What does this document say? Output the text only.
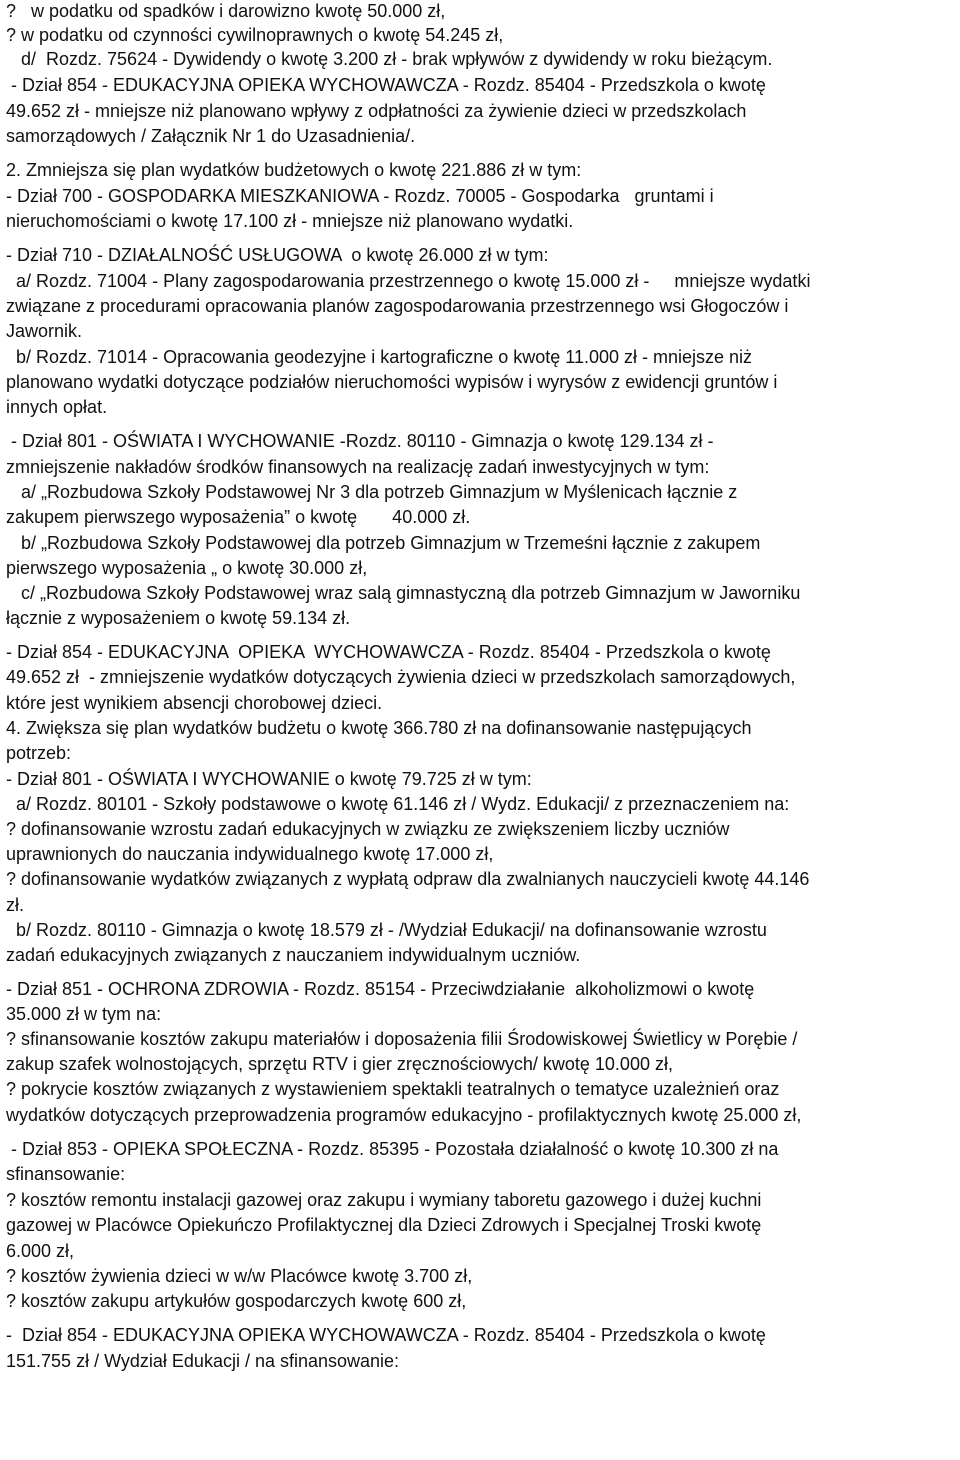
?   w podatku od spadków i darowizno kwotę 50.000 zł,
? w podatku od czynności cywilnoprawnych o kwotę 54.245 zł,
d/  Rozdz. 75624 - Dywidendy o kwotę 3.200 zł - brak wpływów z dywidendy w roku bieżącym.
- Dział 854 - EDUKACYJNA OPIEKA WYCHOWAWCZA - Rozdz. 85404 - Przedszkola o kwotę
49.652 zł - mniejsze niż planowano wpływy z odpłatności za żywienie dzieci w przedszkolach
samorządowych / Załącznik Nr 1 do Uzasadnienia/.
2. Zmniejsza się plan wydatków budżetowych o kwotę 221.886 zł w tym:
- Dział 700 - GOSPODARKA MIESZKANIOWA - Rozdz. 70005 - Gospodarka   gruntami i
nieruchomościami o kwotę 17.100 zł - mniejsze niż planowano wydatki.
- Dział 710 - DZIAŁALNOŚĆ USŁUGOWA  o kwotę 26.000 zł w tym:
a/ Rozdz. 71004 - Plany zagospodarowania przestrzennego o kwotę 15.000 zł -     mniejsze wydatki
związane z procedurami opracowania planów zagospodarowania przestrzennego wsi Głogoczów i
Jawornik.
b/ Rozdz. 71014 - Opracowania geodezyjne i kartograficzne o kwotę 11.000 zł - mniejsze niż
planowano wydatki dotyczące podziałów nieruchomości wypisów i wyrysów z ewidencji gruntów i
innych opłat.
- Dział 801 - OŚWIATA I WYCHOWANIE -Rozdz. 80110 - Gimnazja o kwotę 129.134 zł -
zmniejszenie nakładów środków finansowych na realizację zadań inwestycyjnych w tym:
a/ „Rozbudowa Szkoły Podstawowej Nr 3 dla potrzeb Gimnazjum w Myślenicach łącznie z
zakupem pierwszego wyposażenia” o kwotę       40.000 zł.
b/ „Rozbudowa Szkoły Podstawowej dla potrzeb Gimnazjum w Trzemeśni łącznie z zakupem
pierwszego wyposażenia „ o kwotę 30.000 zł,
c/ „Rozbudowa Szkoły Podstawowej wraz salą gimnastyczną dla potrzeb Gimnazjum w Jaworniku
łącznie z wyposażeniem o kwotę 59.134 zł.
- Dział 854 - EDUKACYJNA  OPIEKA  WYCHOWAWCZA - Rozdz. 85404 - Przedszkola o kwotę
49.652 zł  - zmniejszenie wydatków dotyczących żywienia dzieci w przedszkolach samorządowych,
które jest wynikiem absencji chorobowej dzieci.
4. Zwiększa się plan wydatków budżetu o kwotę 366.780 zł na dofinansowanie następujących
potrzeb:
- Dział 801 - OŚWIATA I WYCHOWANIE o kwotę 79.725 zł w tym:
a/ Rozdz. 80101 - Szkoły podstawowe o kwotę 61.146 zł / Wydz. Edukacji/ z przeznaczeniem na:
? dofinansowanie wzrostu zadań edukacyjnych w związku ze zwiększeniem liczby uczniów
uprawnionych do nauczania indywidualnego kwotę 17.000 zł,
? dofinansowanie wydatków związanych z wypłatą odpraw dla zwalnianych nauczycieli kwotę 44.146
zł.
b/ Rozdz. 80110 - Gimnazja o kwotę 18.579 zł - /Wydział Edukacji/ na dofinansowanie wzrostu
zadań edukacyjnych związanych z nauczaniem indywidualnym uczniów.
- Dział 851 - OCHRONA ZDROWIA - Rozdz. 85154 - Przeciwdziałanie  alkoholizmowi o kwotę
35.000 zł w tym na:
? sfinansowanie kosztów zakupu materiałów i doposażenia filii Środowiskowej Świetlicy w Porębie /
zakup szafek wolnostojących, sprzętu RTV i gier zręcznościowych/ kwotę 10.000 zł,
? pokrycie kosztów związanych z wystawieniem spektakli teatralnych o tematyce uzależnień oraz
wydatków dotyczących przeprowadzenia programów edukacyjno - profilaktycznych kwotę 25.000 zł,
- Dział 853 - OPIEKA SPOŁECZNA - Rozdz. 85395 - Pozostała działalność o kwotę 10.300 zł na
sfinansowanie:
? kosztów remontu instalacji gazowej oraz zakupu i wymiany taboretu gazowego i dużej kuchni
gazowej w Placówce Opiekuńczo Profilaktycznej dla Dzieci Zdrowych i Specjalnej Troski kwotę
6.000 zł,
? kosztów żywienia dzieci w w/w Placówce kwotę 3.700 zł,
? kosztów zakupu artykułów gospodarczych kwotę 600 zł,
-  Dział 854 - EDUKACYJNA OPIEKA WYCHOWAWCZA - Rozdz. 85404 - Przedszkola o kwotę
151.755 zł / Wydział Edukacji / na sfinansowanie:
